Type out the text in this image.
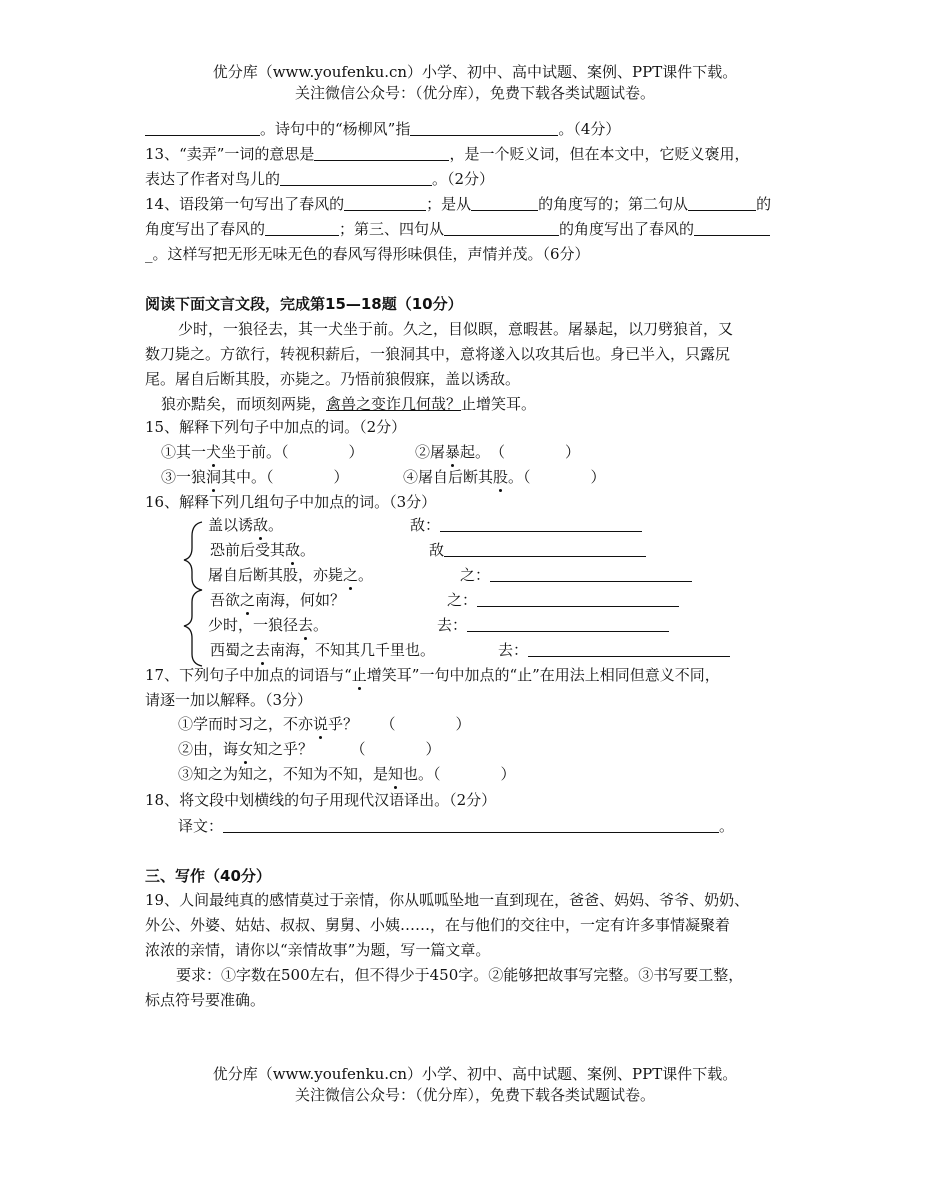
优分库（www.youfenku.cn）小学、初中、高中试题、案例、PPT课件下载。
关注微信公众号：（优分库），免费下载各类试题试卷。
。诗句中的“杨柳风”指	。（4分）
13、“卖弄”一词的意思是	，是一个贬义词，但在本文中，它贬义褒用，
表达了作者对鸟儿的	。（2分）
14、语段第一句写出了春风的	；是从	的角度写的；第二句从	的
角度写出了春风的	；第三、四句从	的角度写出了春风的
_。这样写把无形无味无色的春风写得形味俱佳，声情并茂。（6分）
阅读下面文言文段，完成第15—18题（10分）
少时，一狼径去，其一犬坐于前。久之，目似瞑，意暇甚。屠暴起，以刀劈狼首，又
数刀毙之。方欲行，转视积薪后，一狼洞其中，意将遂入以攻其后也。身已半入，只露尻
尾。屠自后断其股，亦毙之。乃悟前狼假寐，盖以诱敌。
狼亦黠矣，而顷刻两毙，禽兽之变诈几何哉？止增笑耳。
15、解释下列句子中加点的词。（2分）
①其一犬坐于前。（　　　　）	②屠暴起。　（　　　　）
③一狼洞其中。（　　　　）	④屠自后断其股。（　　　　）
16、解释下列几组句子中加点的词。（3分）
盖以诱敌。	敌：
恐前后受其敌。	敌
屠自后断其股，亦毙之。	之：
吾欲之南海，何如？	之：
少时，一狼径去。	去：
西蜀之去南海，不知其几千里也。	去：
17、下列句子中加点的词语与“止增笑耳”一句中加点的“止”在用法上相同但意义不同，
请逐一加以解释。（3分）
①学而时习之，不亦说乎？　　（　　　　）
②由，诲女知之乎？　　　（　　　　）
③知之为知之，不知为不知，是知也。（　　　　）
18、将文段中划横线的句子用现代汉语译出。（2分）
译文：	。
三、写作（40分）
19、人间最纯真的感情莫过于亲情，你从呱呱坠地一直到现在，爸爸、妈妈、爷爷、奶奶、
外公、外婆、姑姑、叔叔、舅舅、小姨……，在与他们的交往中，一定有许多事情凝聚着
浓浓的亲情，请你以“亲情故事”为题，写一篇文章。
要求：①字数在500左右，但不得少于450字。②能够把故事写完整。③书写要工整，
标点符号要准确。
优分库（www.youfenku.cn）小学、初中、高中试题、案例、PPT课件下载。
关注微信公众号：（优分库），免费下载各类试题试卷。
